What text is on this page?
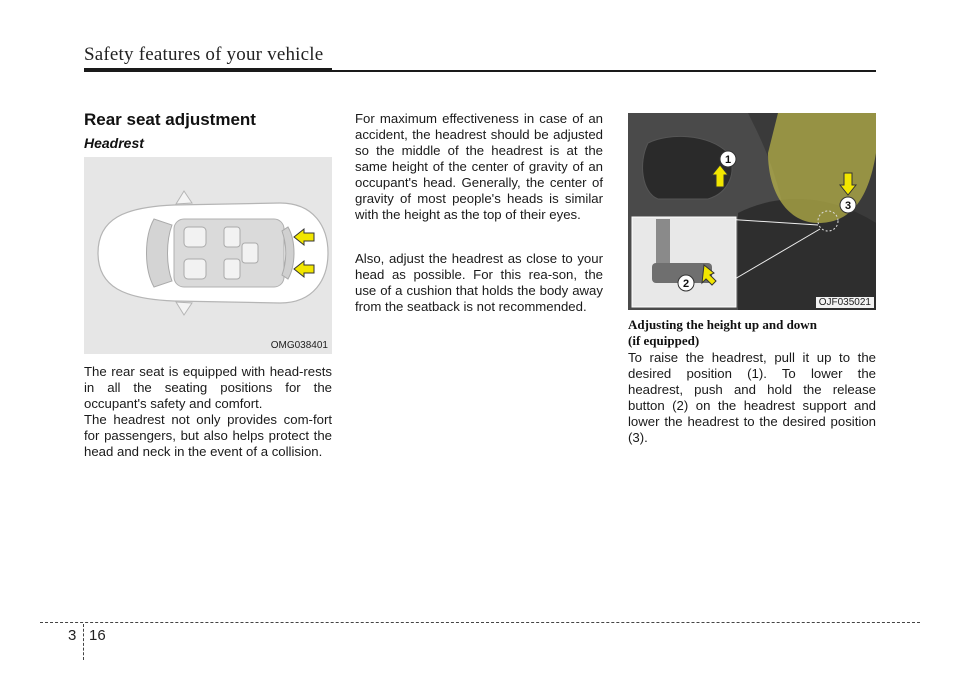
Safety features of your vehicle
Rear seat adjustment
Headrest
OMG038401
1
3
2
OJF035021

The rear seat is equipped with head-rests in all the seating positions for the occupant's safety and comfort.

The headrest not only provides com-fort for passengers, but also helps protect the head and neck in the event of a collision.

For maximum effectiveness in case of an accident, the headrest should be adjusted so the middle of the headrest is at the same height of the center of gravity of an occupant's head. Generally, the center of gravity of most people's heads is similar with the height as the top of their eyes.

Also, adjust the headrest as close to your head as possible. For this rea-son, the use of a cushion that holds the body away from the seatback is not recommended.

Adjusting the height up and down
(if equipped)

To raise the headrest, pull it up to the desired position (1). To lower the headrest, push and hold the release button (2) on the headrest support and lower the headrest to the desired position (3).

3 16
